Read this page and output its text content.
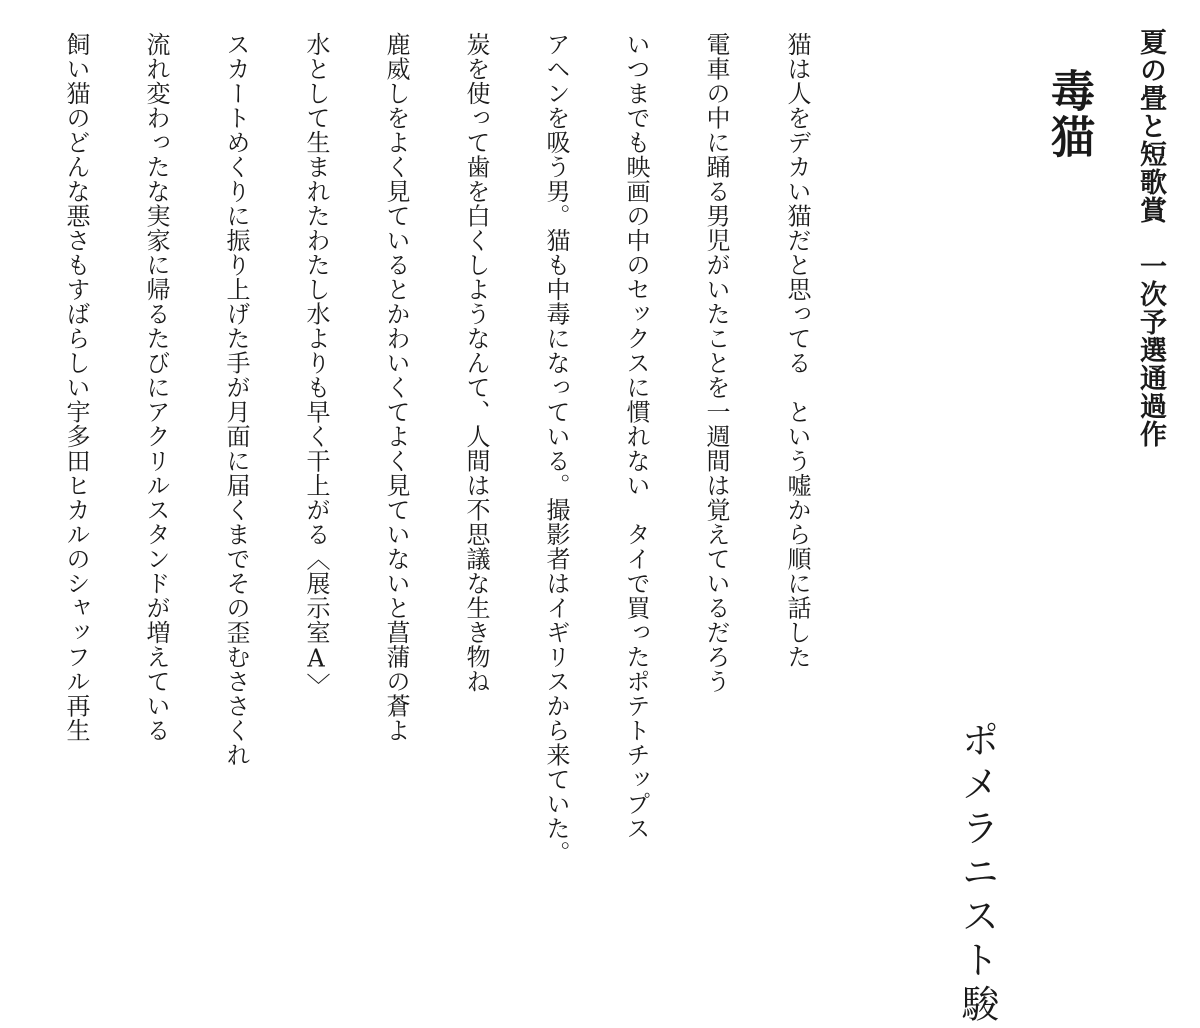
夏の畳と短歌賞　一次予選通過作
毒猫
ポメラニスト駿
猫は人をデカい猫だと思ってる　という嘘から順に話した
電車の中に踊る男児がいたことを一週間は覚えているだろう
いつまでも映画の中のセックスに慣れない　タイで買ったポテトチップス
アヘンを吸う男。猫も中毒になっている。撮影者はイギリスから来ていた。
炭を使って歯を白くしようなんて、人間は不思議な生き物ね
鹿威しをよく見ているとかわいくてよく見ていないと菖蒲の蒼よ
水として生まれたわたし水よりも早く干上がる〈展示室A〉
スカートめくりに振り上げた手が月面に届くまでその歪むささくれ
流れ変わったな実家に帰るたびにアクリルスタンドが増えている
飼い猫のどんな悪さもすばらしい宇多田ヒカルのシャッフル再生
